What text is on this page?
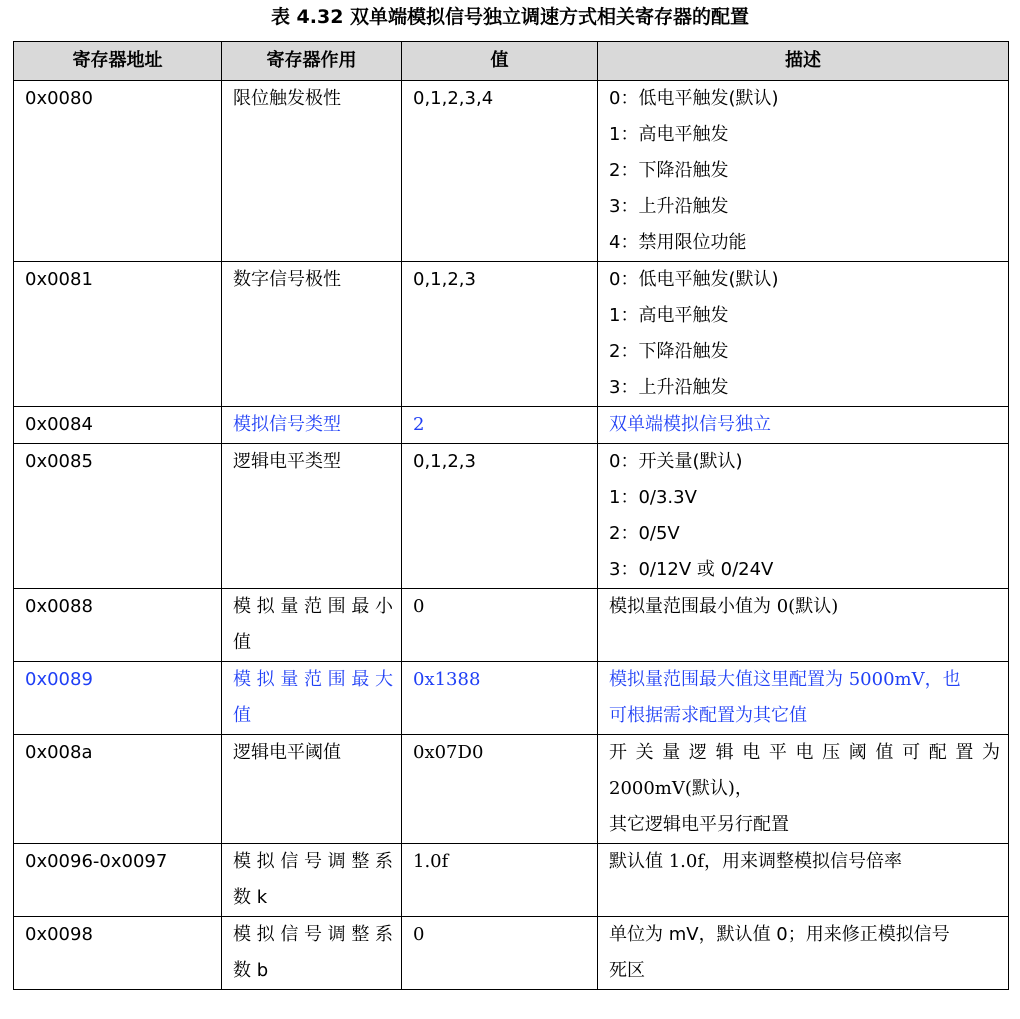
表 4.32 双单端模拟信号独立调速方式相关寄存器的配置
寄存器地址	寄存器作用	值	描述
0x0080	限位触发极性	0,1,2,3,4	0：低电平触发(默认)
1：高电平触发
2：下降沿触发
3：上升沿触发
4：禁用限位功能

0x0081	数字信号极性	0,1,2,3	0：低电平触发(默认)
1：高电平触发
2：下降沿触发
3：上升沿触发

0x0084	模拟信号类型	2	双单端模拟信号独立

0x0085	逻辑电平类型	0,1,2,3	0：开关量(默认)
1：0/3.3V
2：0/5V
3：0/12V 或 0/24V

0x0088	模拟量范围最小
值	0	模拟量范围最小值为 0(默认)

0x0089	模拟量范围最大
值	0x1388	模拟量范围最大值这里配置为 5000mV，也
可根据需求配置为其它值

0x008a	逻辑电平阈值	0x07D0	开关量逻辑电平电压阈值可配置为
2000mV(默认)，
其它逻辑电平另行配置

0x0096-0x0097	模拟信号调整系
数 k	1.0f	默认值 1.0f，用来调整模拟信号倍率

0x0098	模拟信号调整系
数 b	0	单位为 mV，默认值 0；用来修正模拟信号
死区
